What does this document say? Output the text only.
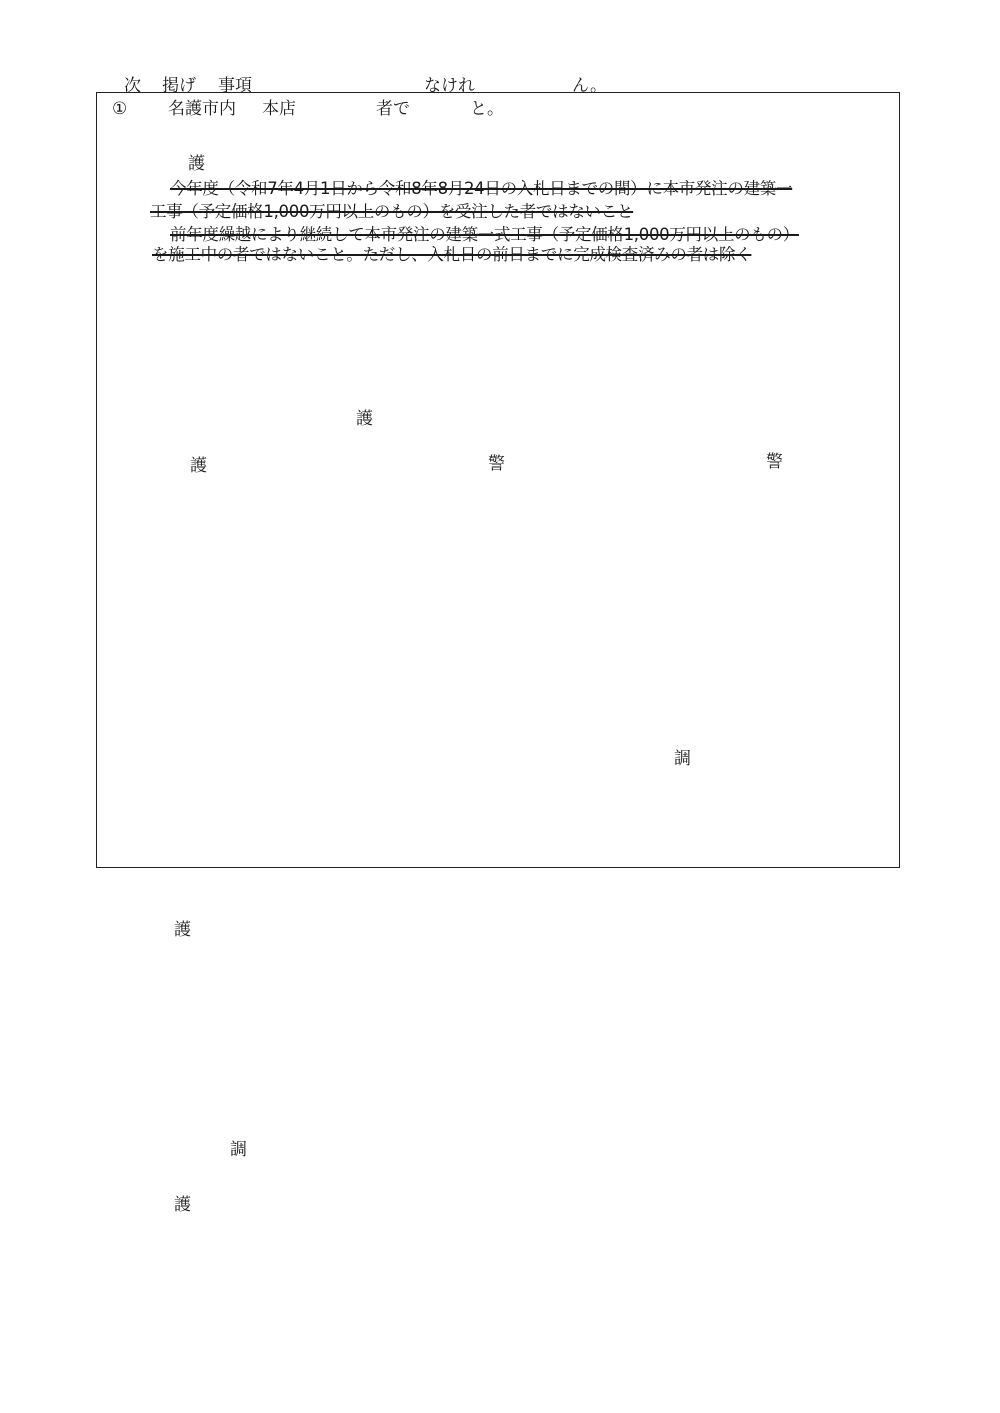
次 掲げ 事項	なけれ	ん。
① 名護市内 本店	者で	と。
護
今年度（令和7年4月1日から令和8年8月24日の入札日までの間）に本市発注の建築一
工事（予定価格1,000万円以上のもの）を受注した者ではないこと
前年度繰越により継続して本市発注の建築一式工事（予定価格1,000万円以上のもの）
を施工中の者ではないこと。ただし、入札日の前日までに完成検査済みの者は除く
護
護	警	警
調
護
調
護
